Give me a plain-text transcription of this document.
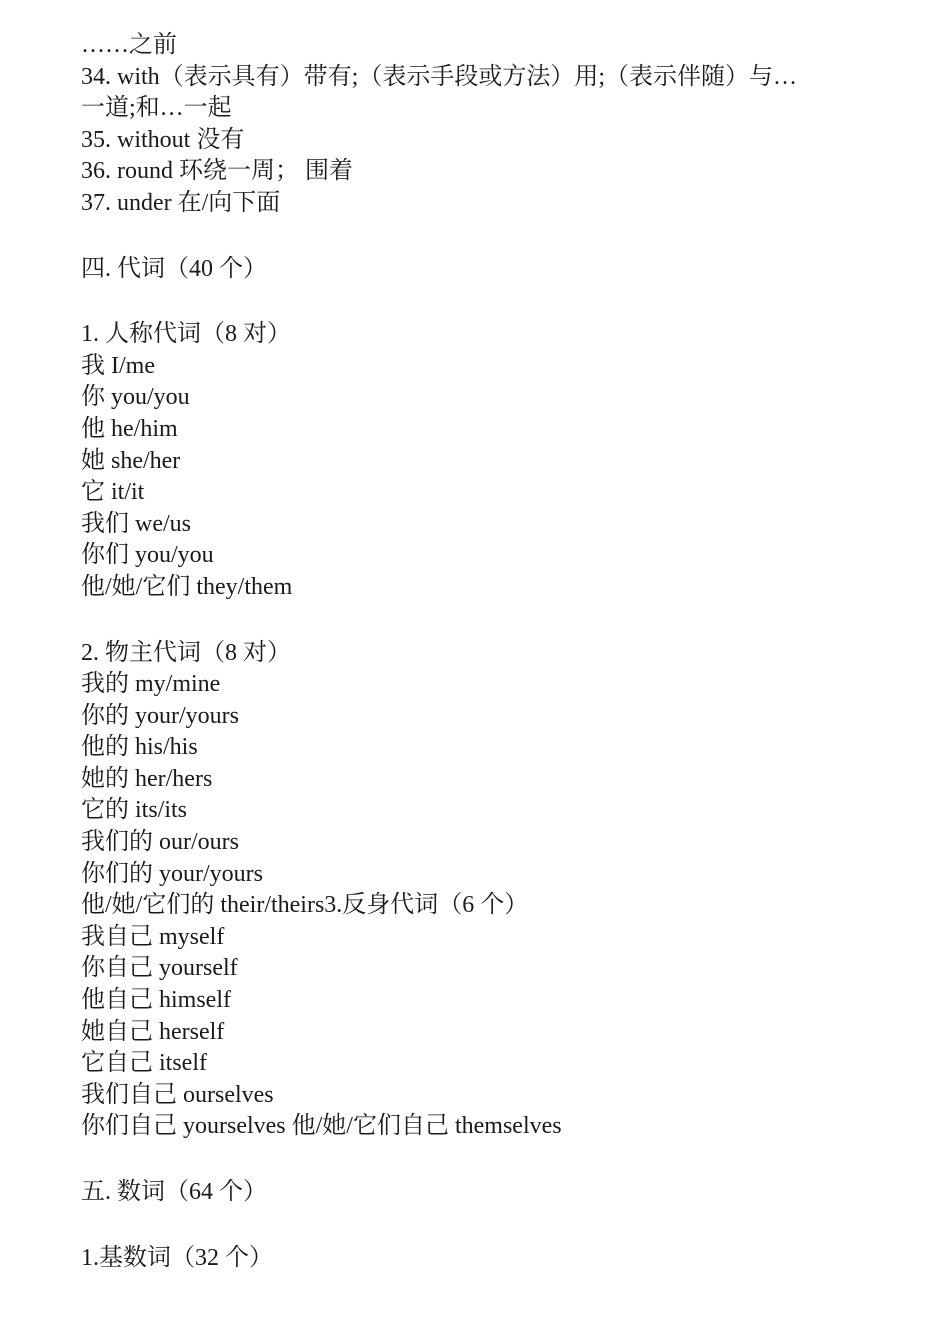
……之前
34. with（表示具有）带有;（表示手段或方法）用;（表示伴随）与…
一道;和…一起
35. without 没有
36. round 环绕一周； 围着
37. under 在/向下面
四. 代词（40 个）
1. 人称代词（8 对）
我 I/me
你 you/you
他 he/him
她 she/her
它 it/it
我们 we/us
你们 you/you
他/她/它们 they/them
2. 物主代词（8 对）
我的 my/mine
你的 your/yours
他的 his/his
她的 her/hers
它的 its/its
我们的 our/ours
你们的 your/yours
他/她/它们的 their/theirs3.反身代词（6 个）
我自己 myself
你自己 yourself
他自己 himself
她自己 herself
它自己 itself
我们自己 ourselves
你们自己 yourselves 他/她/它们自己 themselves
五. 数词（64 个）
1.基数词（32 个）
